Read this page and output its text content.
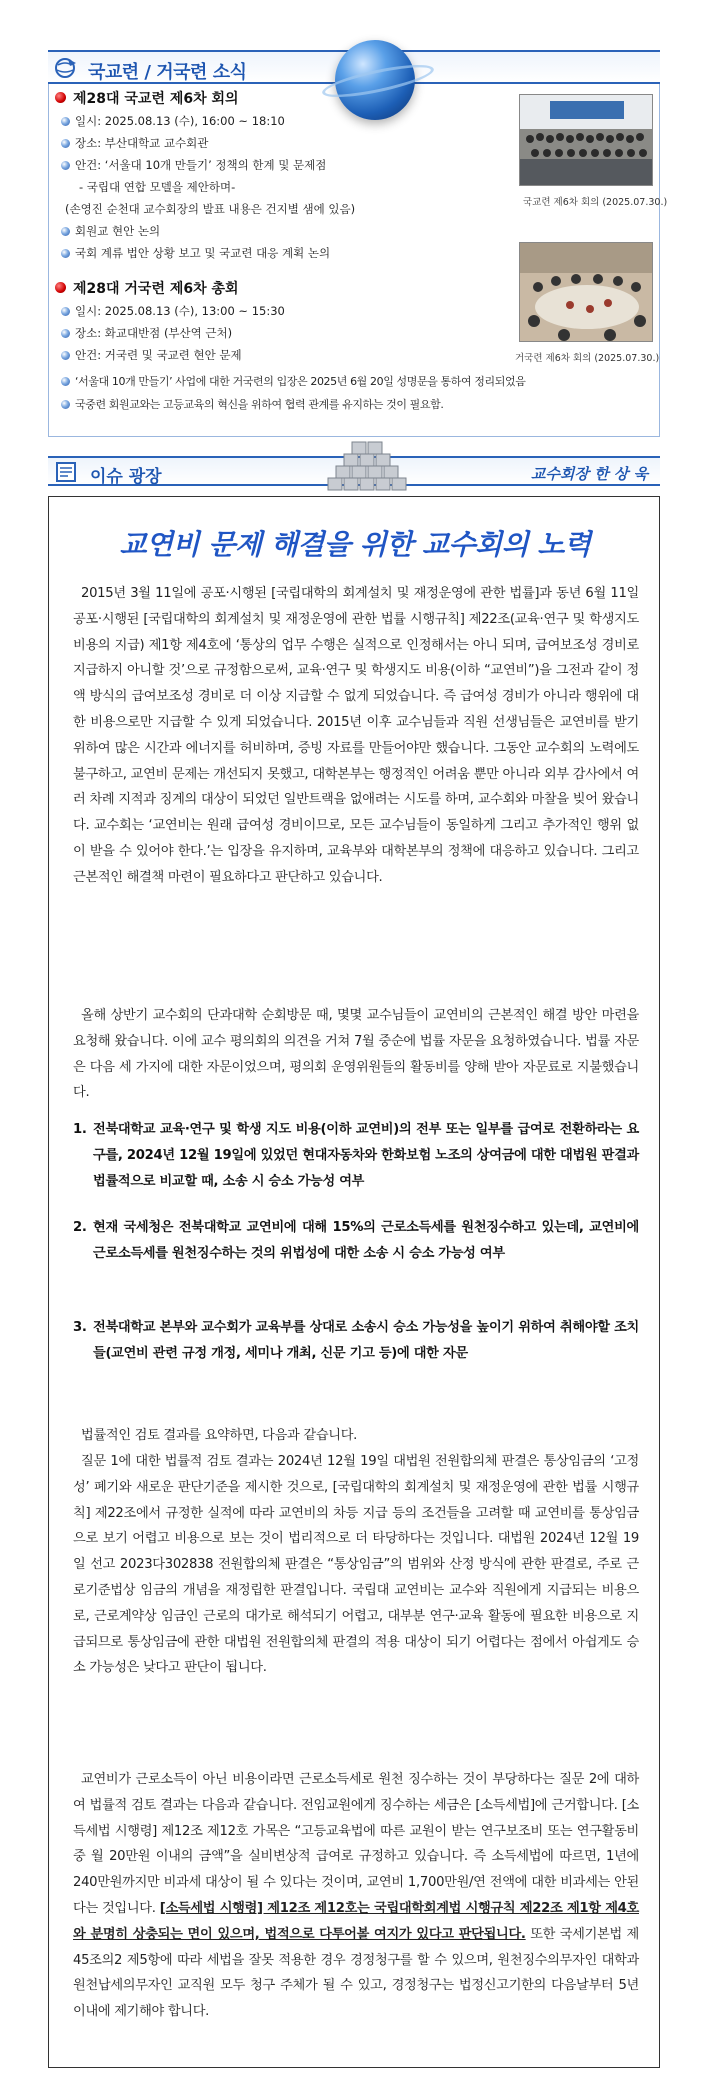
국교련 / 거국련 소식
제28대 국교련 제6차 회의
일시: 2025.08.13 (수), 16:00 ~ 18:10
장소: 부산대학교 교수회관
안건: ‘서울대 10개 만들기’ 정책의 한계 및 문제점
- 국립대 연합 모델을 제안하며-
(손영진 순천대 교수회장의 발표 내용은 건지별 샘에 있음)
회원교 현안 논의
국회 계류 법안 상황 보고 및 국교련 대응 계획 논의
국교련 제6차 회의 (2025.07.30.)
제28대 거국련 제6차 총회
일시: 2025.08.13 (수), 13:00 ~ 15:30
장소: 화교대반점 (부산역 근처)
안건: 거국련 및 국교련 현안 문제
‘서울대 10개 만들기’ 사업에 대한 거국련의 입장은 2025년 6월 20일 성명문을 통하여 정리되었음
국중련 회원교와는 고등교육의 혁신을 위하여 협력 관계를 유지하는 것이 필요함.
거국련 제6차 회의 (2025.07.30.)
이슈 광장	교수회장 한 상 욱
교연비 문제 해결을 위한 교수회의 노력
2015년 3월 11일에 공포·시행된 [국립대학의 회계설치 및 재정운영에 관한 법률]과 동년 6월 11일 공포·시행된 [국립대학의 회계설치 및 재정운영에 관한 법률 시행규칙] 제22조(교육·연구 및 학생지도 비용의 지급) 제1항 제4호에 ‘통상의 업무 수행은 실적으로 인정해서는 아니 되며, 급여보조성 경비로 지급하지 아니할 것’으로 규정함으로써, 교육·연구 및 학생지도 비용(이하 “교연비”)을 그전과 같이 정액 방식의 급여보조성 경비로 더 이상 지급할 수 없게 되었습니다. 즉 급여성 경비가 아니라 행위에 대한 비용으로만 지급할 수 있게 되었습니다. 2015년 이후 교수님들과 직원 선생님들은 교연비를 받기 위하여 많은 시간과 에너지를 허비하며, 증빙 자료를 만들어야만 했습니다. 그동안 교수회의 노력에도 불구하고, 교연비 문제는 개선되지 못했고, 대학본부는 행정적인 어려움 뿐만 아니라 외부 감사에서 여러 차례 지적과 징계의 대상이 되었던 일반트랙을 없애려는 시도를 하며, 교수회와 마찰을 빚어 왔습니다. 교수회는 ‘교연비는 원래 급여성 경비이므로, 모든 교수님들이 동일하게 그리고 추가적인 행위 없이 받을 수 있어야 한다.’는 입장을 유지하며, 교육부와 대학본부의 정책에 대응하고 있습니다. 그리고 근본적인 해결책 마련이 필요하다고 판단하고 있습니다.
올해 상반기 교수회의 단과대학 순회방문 때, 몇몇 교수님들이 교연비의 근본적인 해결 방안 마련을 요청해 왔습니다. 이에 교수 평의회의 의견을 거쳐 7월 중순에 법률 자문을 요청하였습니다. 법률 자문은 다음 세 가지에 대한 자문이었으며, 평의회 운영위원들의 활동비를 양해 받아 자문료로 지불했습니다.
1. 전북대학교 교육·연구 및 학생 지도 비용(이하 교연비)의 전부 또는 일부를 급여로 전환하라는 요구를, 2024년 12월 19일에 있었던 현대자동차와 한화보험 노조의 상여금에 대한 대법원 판결과 법률적으로 비교할 때, 소송 시 승소 가능성 여부
2. 현재 국세청은 전북대학교 교연비에 대해 15%의 근로소득세를 원천징수하고 있는데, 교연비에 근로소득세를 원천징수하는 것의 위법성에 대한 소송 시 승소 가능성 여부
3. 전북대학교 본부와 교수회가 교육부를 상대로 소송시 승소 가능성을 높이기 위하여 취해야할 조치들(교연비 관련 규정 개정, 세미나 개최, 신문 기고 등)에 대한 자문
법률적인 검토 결과를 요약하면, 다음과 같습니다.
질문 1에 대한 법률적 검토 결과는 2024년 12월 19일 대법원 전원합의체 판결은 통상임금의 ‘고정성’ 폐기와 새로운 판단기준을 제시한 것으로, [국립대학의 회계설치 및 재정운영에 관한 법률 시행규칙] 제22조에서 규정한 실적에 따라 교연비의 차등 지급 등의 조건들을 고려할 때 교연비를 통상임금으로 보기 어렵고 비용으로 보는 것이 법리적으로 더 타당하다는 것입니다. 대법원 2024년 12월 19일 선고 2023다302838 전원합의체 판결은 “통상임금”의 범위와 산정 방식에 관한 판결로, 주로 근로기준법상 임금의 개념을 재정립한 판결입니다. 국립대 교연비는 교수와 직원에게 지급되는 비용으로, 근로계약상 임금인 근로의 대가로 해석되기 어렵고, 대부분 연구·교육 활동에 필요한 비용으로 지급되므로 통상임금에 관한 대법원 전원합의체 판결의 적용 대상이 되기 어렵다는 점에서 아쉽게도 승소 가능성은 낮다고 판단이 됩니다.
교연비가 근로소득이 아닌 비용이라면 근로소득세로 원천 징수하는 것이 부당하다는 질문 2에 대하여 법률적 검토 결과는 다음과 같습니다. 전임교원에게 징수하는 세금은 [소득세법]에 근거합니다. [소득세법 시행령] 제12조 제12호 가목은 “고등교육법에 따른 교원이 받는 연구보조비 또는 연구활동비 중 월 20만원 이내의 금액”을 실비변상적 급여로 규정하고 있습니다. 즉 소득세법에 따르면, 1년에 240만원까지만 비과세 대상이 될 수 있다는 것이며, 교연비 1,700만원/연 전액에 대한 비과세는 안된다는 것입니다. [소득세법 시행령] 제12조 제12호는 국립대학회계법 시행규칙 제22조 제1항 제4호와 분명히 상충되는 면이 있으며, 법적으로 다투어볼 여지가 있다고 판단됩니다. 또한 국세기본법 제45조의2 제5항에 따라 세법을 잘못 적용한 경우 경정청구를 할 수 있으며, 원천징수의무자인 대학과 원천납세의무자인 교직원 모두 청구 주체가 될 수 있고, 경정청구는 법정신고기한의 다음날부터 5년 이내에 제기해야 합니다.
